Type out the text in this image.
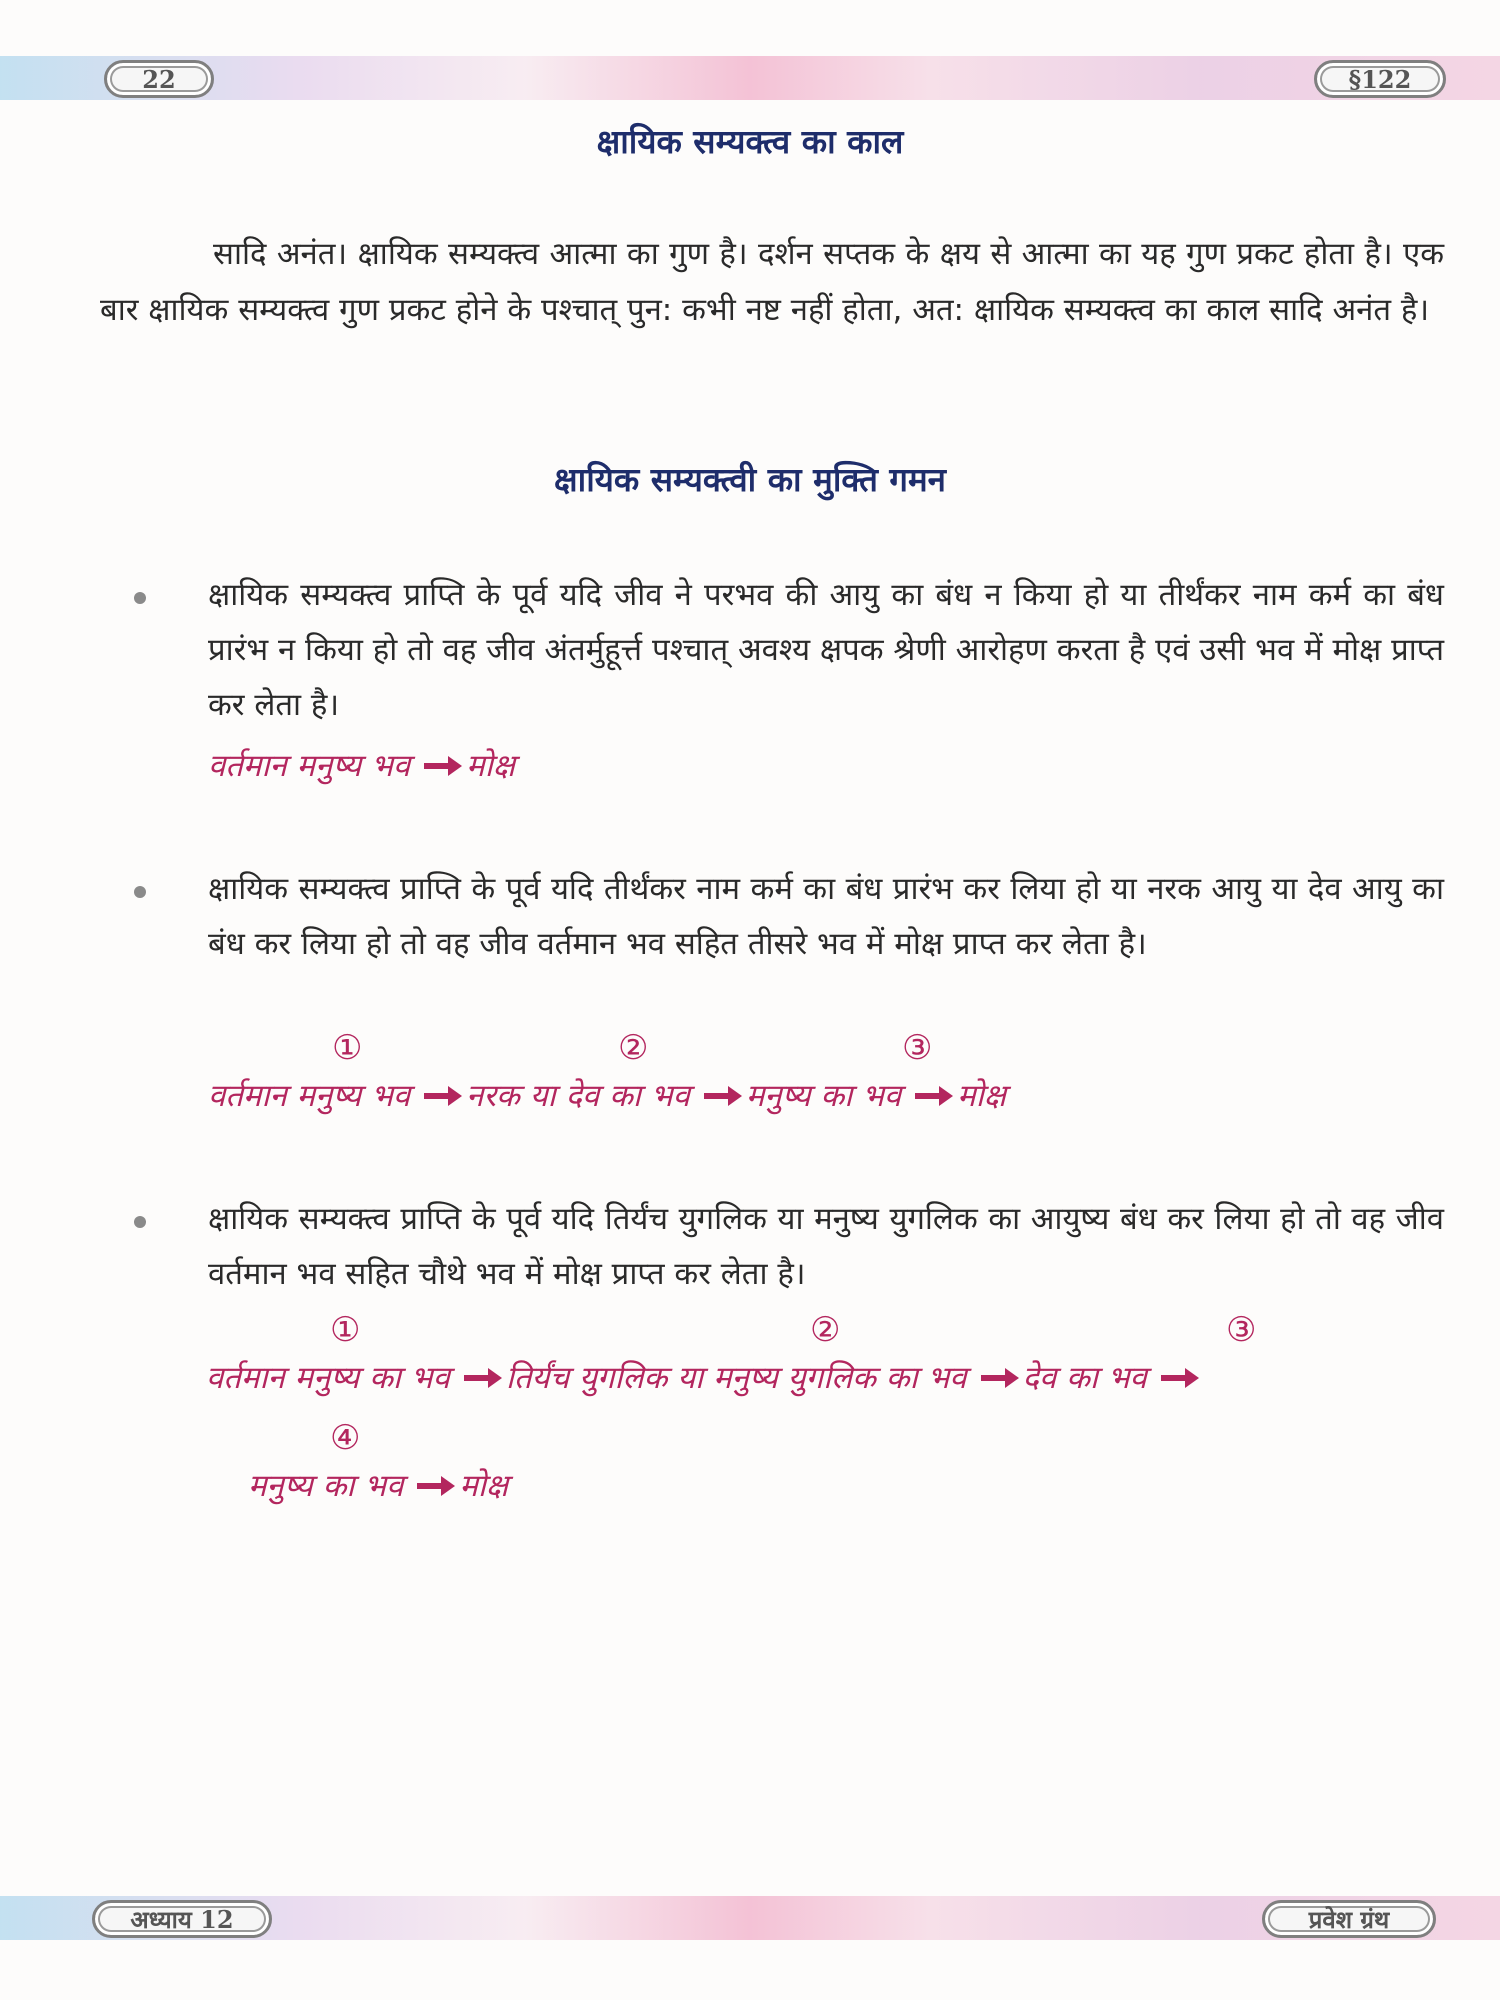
22	§122
क्षायिक सम्यक्त्व का काल
सादि अनंत। क्षायिक सम्यक्त्व आत्मा का गुण है। दर्शन सप्तक के क्षय से आत्मा का यह गुण प्रकट होता है। एक बार क्षायिक सम्यक्त्व गुण प्रकट होने के पश्चात् पुन: कभी नष्ट नहीं होता, अत: क्षायिक सम्यक्त्व का काल सादि अनंत है।
क्षायिक सम्यक्त्वी का मुक्ति गमन
क्षायिक सम्यक्त्व प्राप्ति के पूर्व यदि जीव ने परभव की आयु का बंध न किया हो या तीर्थंकर नाम कर्म का बंध प्रारंभ न किया हो तो वह जीव अंतर्मुहूर्त्त पश्चात् अवश्य क्षपक श्रेणी आरोहण करता है एवं उसी भव में मोक्ष प्राप्त कर लेता है।
वर्तमान मनुष्य भव मोक्ष
क्षायिक सम्यक्त्व प्राप्ति के पूर्व यदि तीर्थंकर नाम कर्म का बंध प्रारंभ कर लिया हो या नरक आयु या देव आयु का बंध कर लिया हो तो वह जीव वर्तमान भव सहित तीसरे भव में मोक्ष प्राप्त कर लेता है।
①	②	③
वर्तमान मनुष्य भव नरक या देव का भव मनुष्य का भव मोक्ष
क्षायिक सम्यक्त्व प्राप्ति के पूर्व यदि तिर्यंच युगलिक या मनुष्य युगलिक का आयुष्य बंध कर लिया हो तो वह जीव वर्तमान भव सहित चौथे भव में मोक्ष प्राप्त कर लेता है।
①	②	③
वर्तमान मनुष्य का भव तिर्यंच युगलिक या मनुष्य युगलिक का भव देव का भव
④
मनुष्य का भव मोक्ष
अध्याय 12	प्रवेश ग्रंथ
